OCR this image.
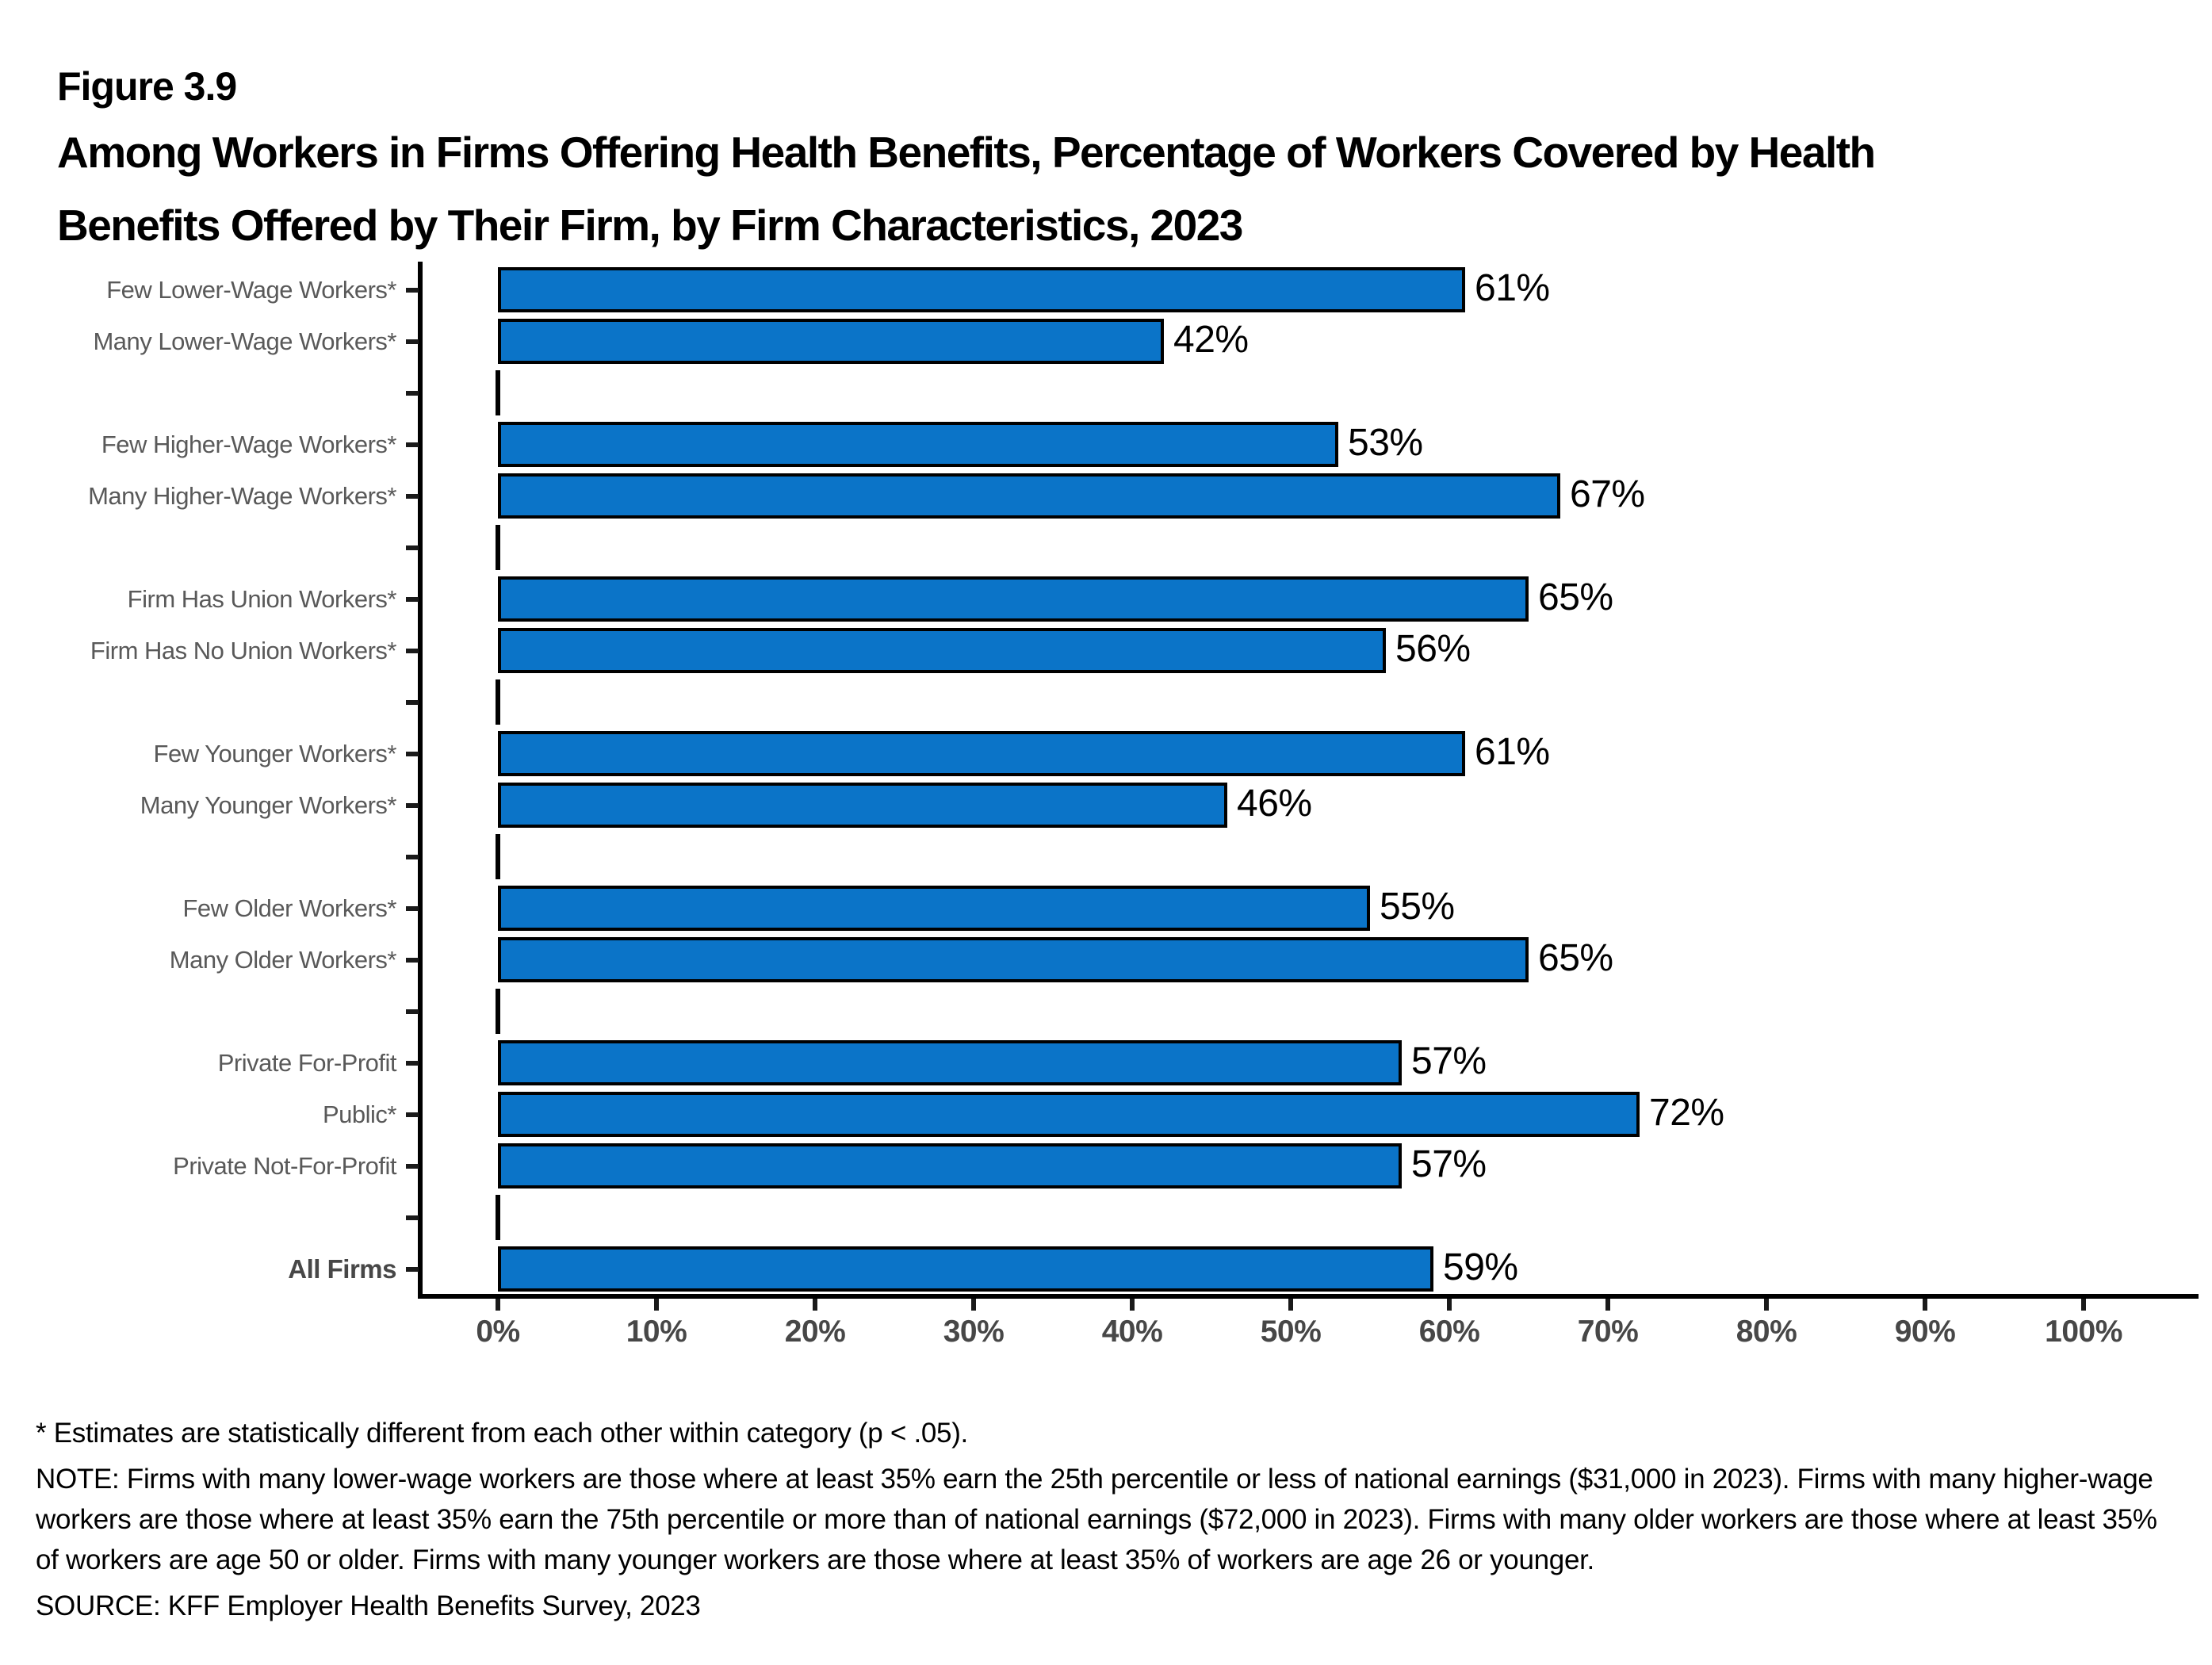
Figure 3.9
Among Workers in Firms Offering Health Benefits, Percentage of Workers Covered by Health
Benefits Offered by Their Firm, by Firm Characteristics, 2023
Few Lower-Wage Workers*	61%
Many Lower-Wage Workers*	42%
Few Higher-Wage Workers*	53%
Many Higher-Wage Workers*	67%
Firm Has Union Workers*	65%
Firm Has No Union Workers*	56%
Few Younger Workers*	61%
Many Younger Workers*	46%
Few Older Workers*	55%
Many Older Workers*	65%
Private For-Profit	57%
Public*	72%
Private Not-For-Profit	57%
All Firms	59%
0%	10%	20%	30%	40%	50%	60%	70%	80%	90%	100%

* Estimates are statistically different from each other within category (p < .05).

NOTE: Firms with many lower-wage workers are those where at least 35% earn the 25th percentile or less of national earnings ($31,000 in 2023). Firms with many higher-wage workers are those where at least 35% earn the 75th percentile or more than of national earnings ($72,000 in 2023). Firms with many older workers are those where at least 35% of workers are age 50 or older. Firms with many younger workers are those where at least 35% of workers are age 26 or younger.

SOURCE: KFF Employer Health Benefits Survey, 2023
